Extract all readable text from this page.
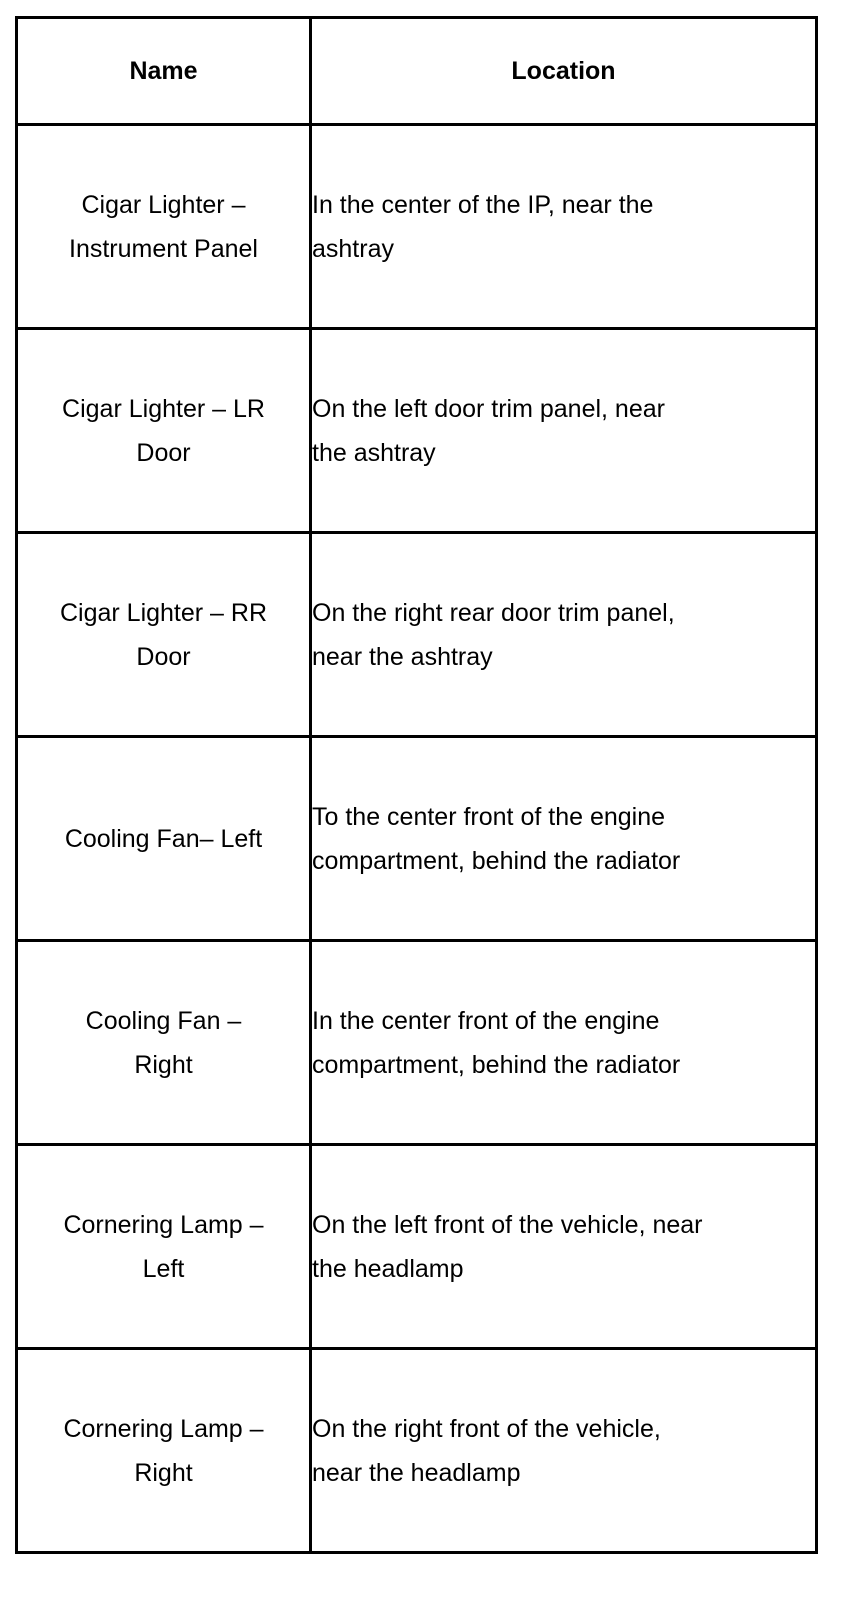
Name	Location

Cigar Lighter –
Instrument Panel	In the center of the IP, near the
ashtray

Cigar Lighter – LR
Door	On the left door trim panel, near
the ashtray

Cigar Lighter – RR
Door	On the right rear door trim panel,
near the ashtray

Cooling Fan– Left	To the center front of the engine
compartment, behind the radiator

Cooling Fan –
Right	In the center front of the engine
compartment, behind the radiator

Cornering Lamp –
Left	On the left front of the vehicle, near
the headlamp

Cornering Lamp –
Right	On the right front of the vehicle,
near the headlamp
